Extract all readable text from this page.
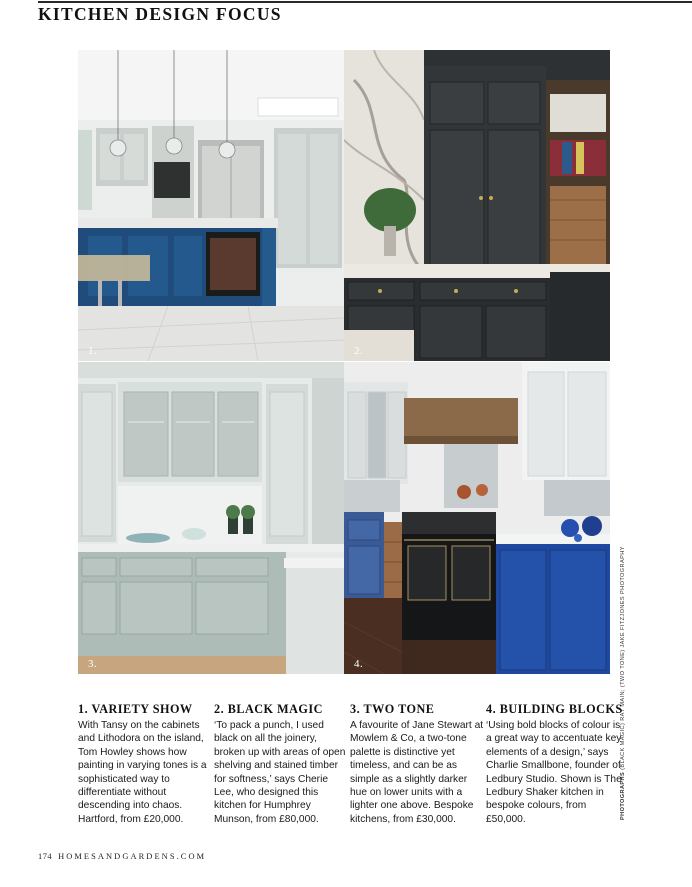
KITCHEN DESIGN FOCUS
1.	2.
3.	4.
PHOTOGRAPHS (BLACK MAGIC) RAY MAIN; (TWO TONE) JAKE FITZJONES PHOTOGRAPHY
1. VARIETY SHOW

With Tansy on the cabinets and Lithodora on the island, Tom Howley shows how painting in varying tones is a sophisticated way to differentiate without descending into chaos. Hartford, from £20,000.

2. BLACK MAGIC

‘To pack a punch, I used black on all the joinery, broken up with areas of open shelving and stained timber for softness,’ says Cherie Lee, who designed this kitchen for Humphrey Munson, from £80,000.

3. TWO TONE

A favourite of Jane Stewart at Mowlem & Co, a two-tone palette is distinctive yet timeless, and can be as simple as a slightly darker hue on lower units with a lighter one above. Bespoke kitchens, from £30,000.

4. BUILDING BLOCKS

‘Using bold blocks of colour is a great way to accentuate key elements of a design,’ says Charlie Smallbone, founder of Ledbury Studio. Shown is The Ledbury Shaker kitchen in bespoke colours, from £50,000.

174 HOMESANDGARDENS.COM
